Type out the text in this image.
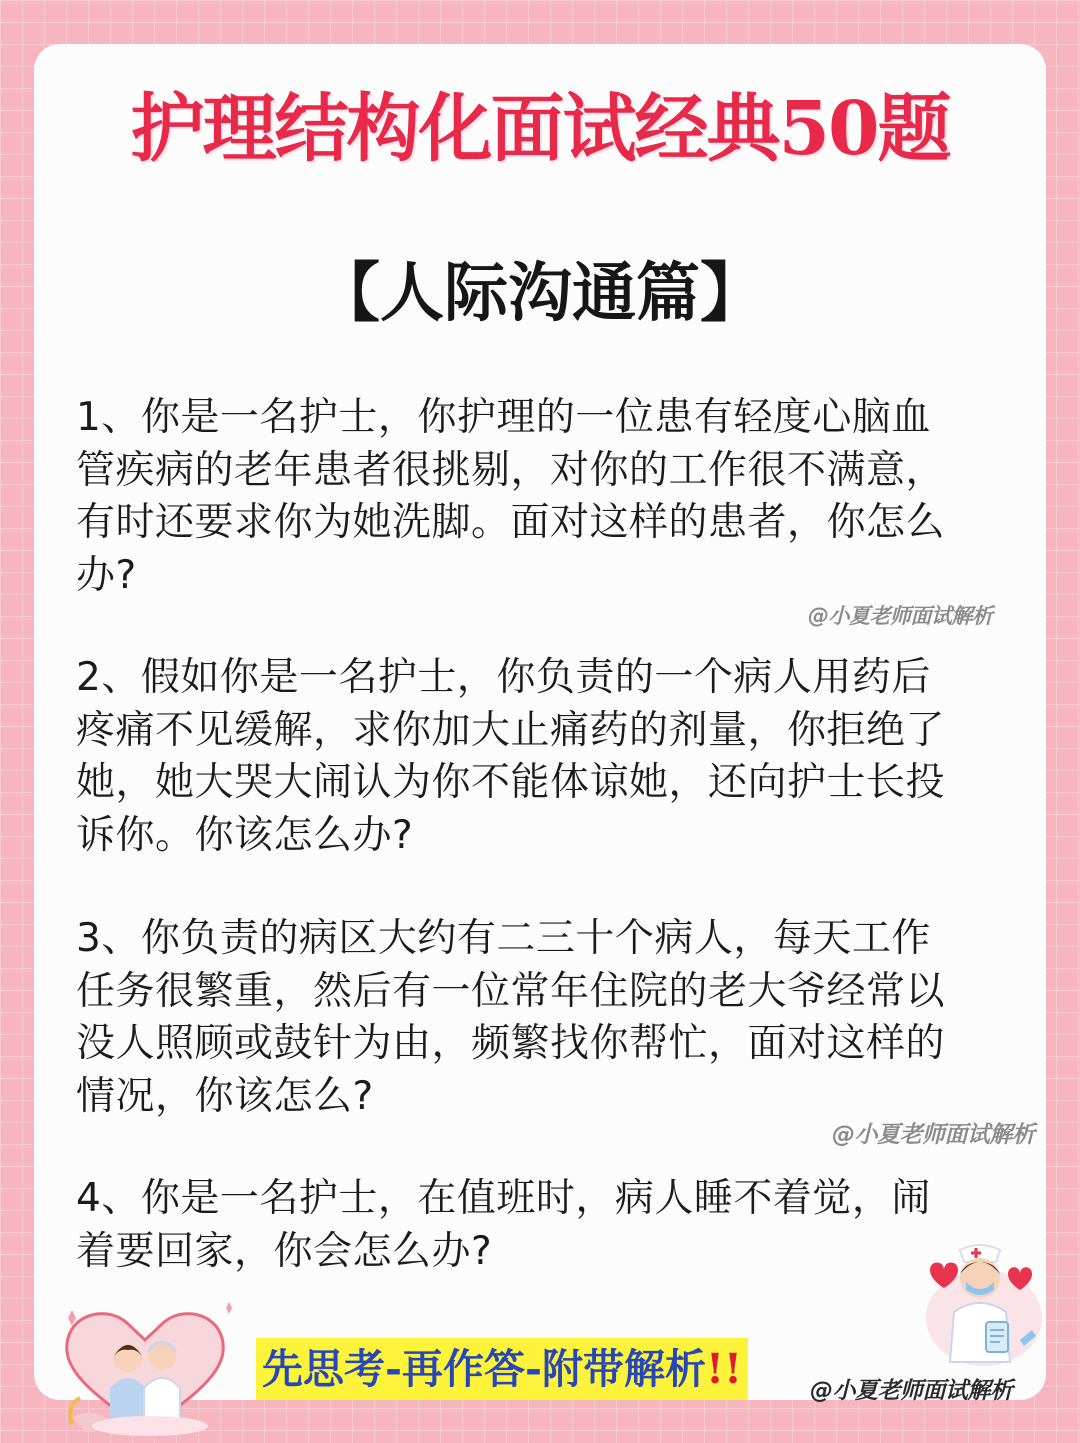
护理结构化面试经典50题
【人际沟通篇】
1、你是一名护士，你护理的一位患有轻度心脑血
管疾病的老年患者很挑剔，对你的工作很不满意，
有时还要求你为她洗脚。面对这样的患者，你怎么
办?
@小夏老师面试解析
2、假如你是一名护士，你负责的一个病人用药后
疼痛不见缓解，求你加大止痛药的剂量，你拒绝了
她，她大哭大闹认为你不能体谅她，还向护士长投
诉你。你该怎么办?
3、你负责的病区大约有二三十个病人，每天工作
任务很繁重，然后有一位常年住院的老大爷经常以
没人照顾或鼓针为由，频繁找你帮忙，面对这样的
情况，你该怎么?
@小夏老师面试解析
4、你是一名护士，在值班时，病人睡不着觉，闹
着要回家，你会怎么办?
先思考-再作答-附带解析!!	@小夏老师面试解析
